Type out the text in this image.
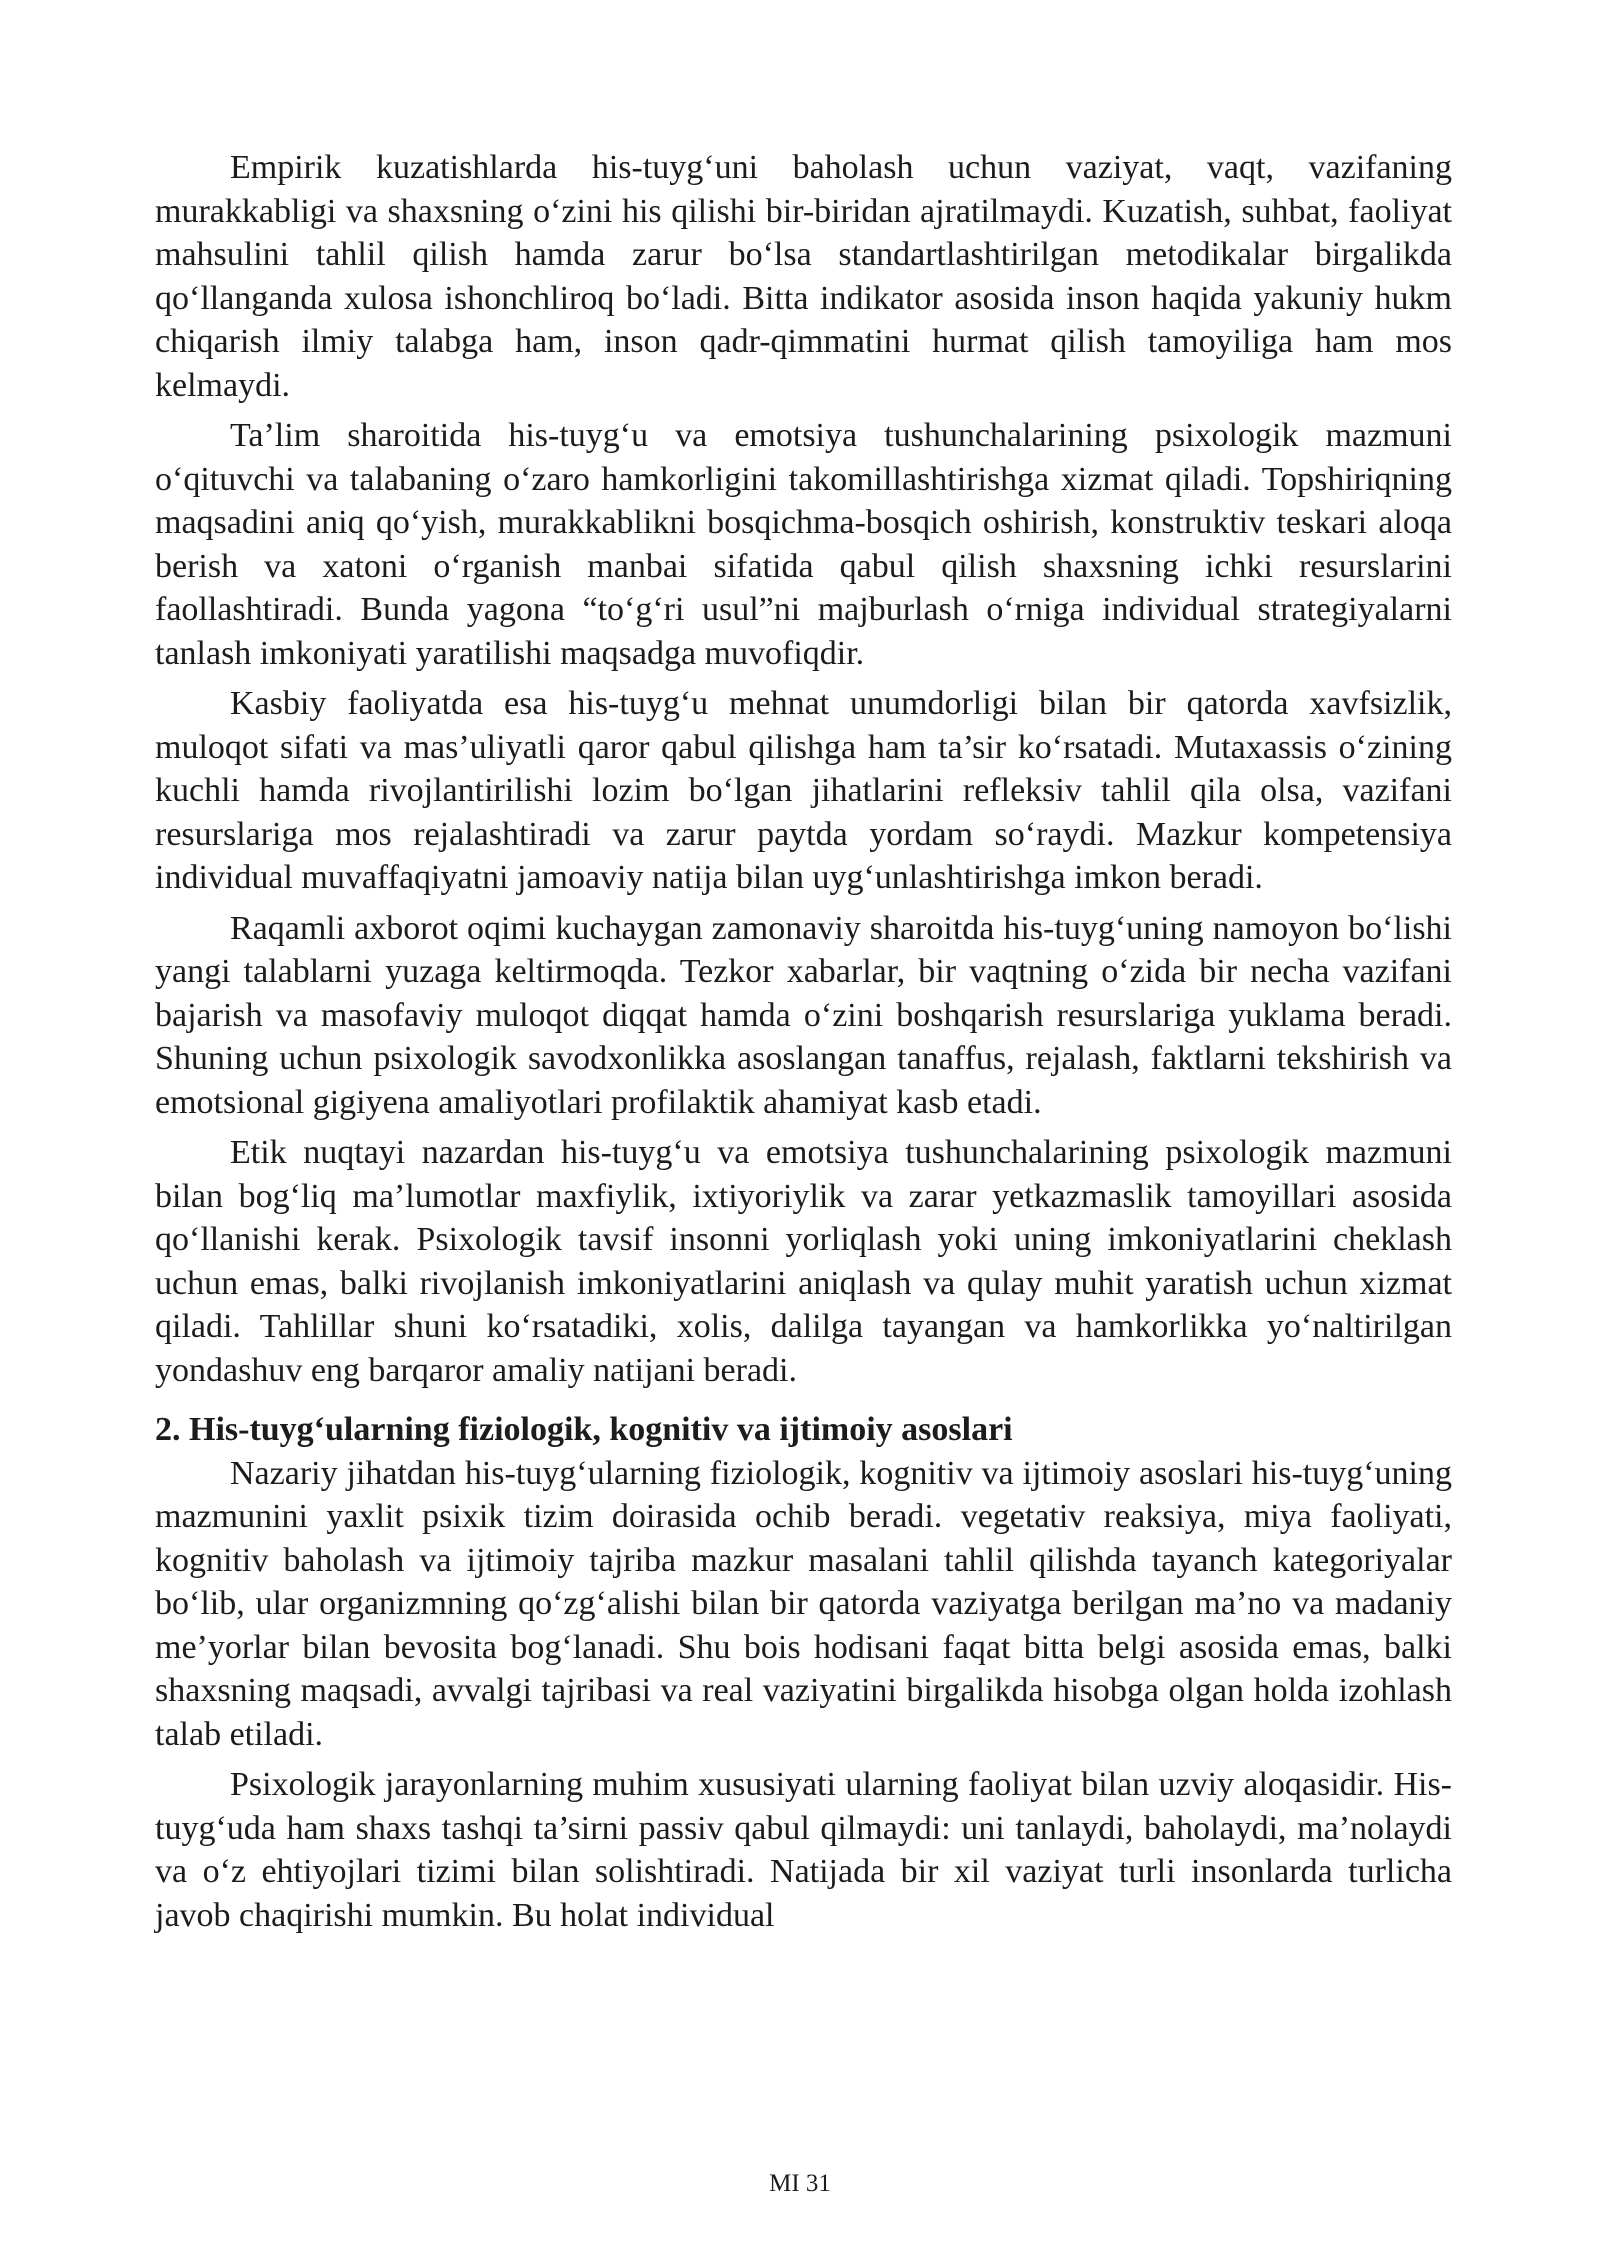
Empirik kuzatishlarda his-tuyg‘uni baholash uchun vaziyat, vaqt, vazifaning murakkabligi va shaxsning o‘zini his qilishi bir-biridan ajratilmaydi. Kuzatish, suhbat, faoliyat mahsulini tahlil qilish hamda zarur bo‘lsa standartlashtirilgan metodikalar birgalikda qo‘llanganda xulosa ishonchliroq bo‘ladi. Bitta indikator asosida inson haqida yakuniy hukm chiqarish ilmiy talabga ham, inson qadr-qimmatini hurmat qilish tamoyiliga ham mos kelmaydi.

Ta’lim sharoitida his-tuyg‘u va emotsiya tushunchalarining psixologik mazmuni o‘qituvchi va talabaning o‘zaro hamkorligini takomillashtirishga xizmat qiladi. Topshiriqning maqsadini aniq qo‘yish, murakkablikni bosqichma-bosqich oshirish, konstruktiv teskari aloqa berish va xatoni o‘rganish manbai sifatida qabul qilish shaxsning ichki resurslarini faollashtiradi. Bunda yagona “to‘g‘ri usul”ni majburlash o‘rniga individual strategiyalarni tanlash imkoniyati yaratilishi maqsadga muvofiqdir.

Kasbiy faoliyatda esa his-tuyg‘u mehnat unumdorligi bilan bir qatorda xavfsizlik, muloqot sifati va mas’uliyatli qaror qabul qilishga ham ta’sir ko‘rsatadi. Mutaxassis o‘zining kuchli hamda rivojlantirilishi lozim bo‘lgan jihatlarini refleksiv tahlil qila olsa, vazifani resurslariga mos rejalashtiradi va zarur paytda yordam so‘raydi. Mazkur kompetensiya individual muvaffaqiyatni jamoaviy natija bilan uyg‘unlashtirishga imkon beradi.

Raqamli axborot oqimi kuchaygan zamonaviy sharoitda his-tuyg‘uning namoyon bo‘lishi yangi talablarni yuzaga keltirmoqda. Tezkor xabarlar, bir vaqtning o‘zida bir necha vazifani bajarish va masofaviy muloqot diqqat hamda o‘zini boshqarish resurslariga yuklama beradi. Shuning uchun psixologik savodxonlikka asoslangan tanaffus, rejalash, faktlarni tekshirish va emotsional gigiyena amaliyotlari profilaktik ahamiyat kasb etadi.

Etik nuqtayi nazardan his-tuyg‘u va emotsiya tushunchalarining psixologik mazmuni bilan bog‘liq ma’lumotlar maxfiylik, ixtiyoriylik va zarar yetkazmaslik tamoyillari asosida qo‘llanishi kerak. Psixologik tavsif insonni yorliqlash yoki uning imkoniyatlarini cheklash uchun emas, balki rivojlanish imkoniyatlarini aniqlash va qulay muhit yaratish uchun xizmat qiladi. Tahlillar shuni ko‘rsatadiki, xolis, dalilga tayangan va hamkorlikka yo‘naltirilgan yondashuv eng barqaror amaliy natijani beradi.

2. His-tuyg‘ularning fiziologik, kognitiv va ijtimoiy asoslari

Nazariy jihatdan his-tuyg‘ularning fiziologik, kognitiv va ijtimoiy asoslari his-tuyg‘uning mazmunini yaxlit psixik tizim doirasida ochib beradi. vegetativ reaksiya, miya faoliyati, kognitiv baholash va ijtimoiy tajriba mazkur masalani tahlil qilishda tayanch kategoriyalar bo‘lib, ular organizmning qo‘zg‘alishi bilan bir qatorda vaziyatga berilgan ma’no va madaniy me’yorlar bilan bevosita bog‘lanadi. Shu bois hodisani faqat bitta belgi asosida emas, balki shaxsning maqsadi, avvalgi tajribasi va real vaziyatini birgalikda hisobga olgan holda izohlash talab etiladi.

Psixologik jarayonlarning muhim xususiyati ularning faoliyat bilan uzviy aloqasidir. His-tuyg‘uda ham shaxs tashqi ta’sirni passiv qabul qilmaydi: uni tanlaydi, baholaydi, ma’nolaydi va o‘z ehtiyojlari tizimi bilan solishtiradi. Natijada bir xil vaziyat turli insonlarda turlicha javob chaqirishi mumkin. Bu holat individual

MI 31
